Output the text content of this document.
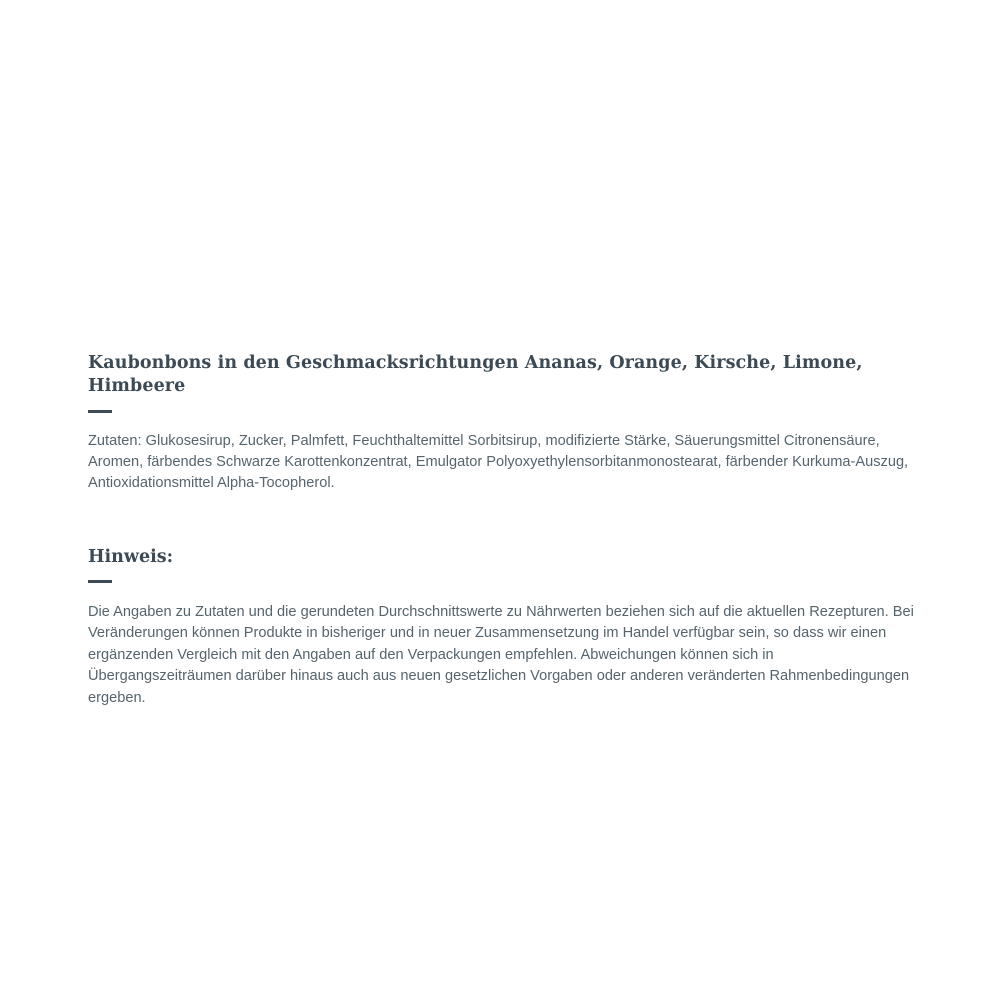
Kaubonbons in den Geschmacksrichtungen Ananas, Orange, Kirsche, Limone, Himbeere

Zutaten: Glukosesirup, Zucker, Palmfett, Feuchthaltemittel Sorbitsirup, modifizierte Stärke, Säuerungsmittel Citronensäure, Aromen, färbendes Schwarze Karottenkonzentrat, Emulgator Polyoxyethylensorbitanmonostearat, färbender Kurkuma-Auszug, Antioxidationsmittel Alpha-Tocopherol.

Hinweis:

Die Angaben zu Zutaten und die gerundeten Durchschnittswerte zu Nährwerten beziehen sich auf die aktuellen Rezepturen. Bei Veränderungen können Produkte in bisheriger und in neuer Zusammensetzung im Handel verfügbar sein, so dass wir einen ergänzenden Vergleich mit den Angaben auf den Verpackungen empfehlen. Abweichungen können sich in Übergangszeiträumen darüber hinaus auch aus neuen gesetzlichen Vorgaben oder anderen veränderten Rahmenbedingungen ergeben.
